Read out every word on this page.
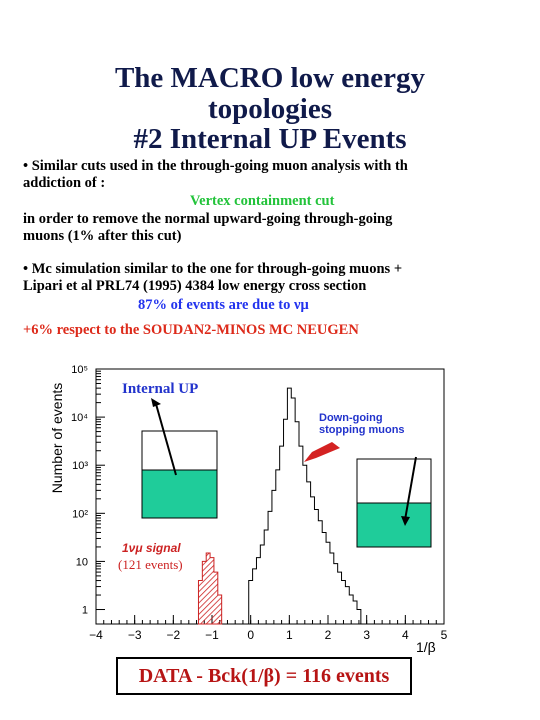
The MACRO low energy
topologies
#2 Internal UP Events
• Similar cuts used in the through-going muon analysis with th
addiction of :
Vertex containment cut
in order to remove the normal upward-going through-going
muons (1% after this cut)
• Mc simulation similar to the one for through-going muons +
Lipari et al PRL74 (1995) 4384 low energy cross section
87% of events are due to νμ
+6% respect to the SOUDAN2-MINOS MC NEUGEN
1
10
10²
10³
10⁴
10⁵
−4 −3 −2 −1 0	1	2	3	4	5
Internal UP
Down-going
stopping muons
1νμ signal
(121 events)
Number of events
1/β
DATA - Bck(1/β) = 116 events
